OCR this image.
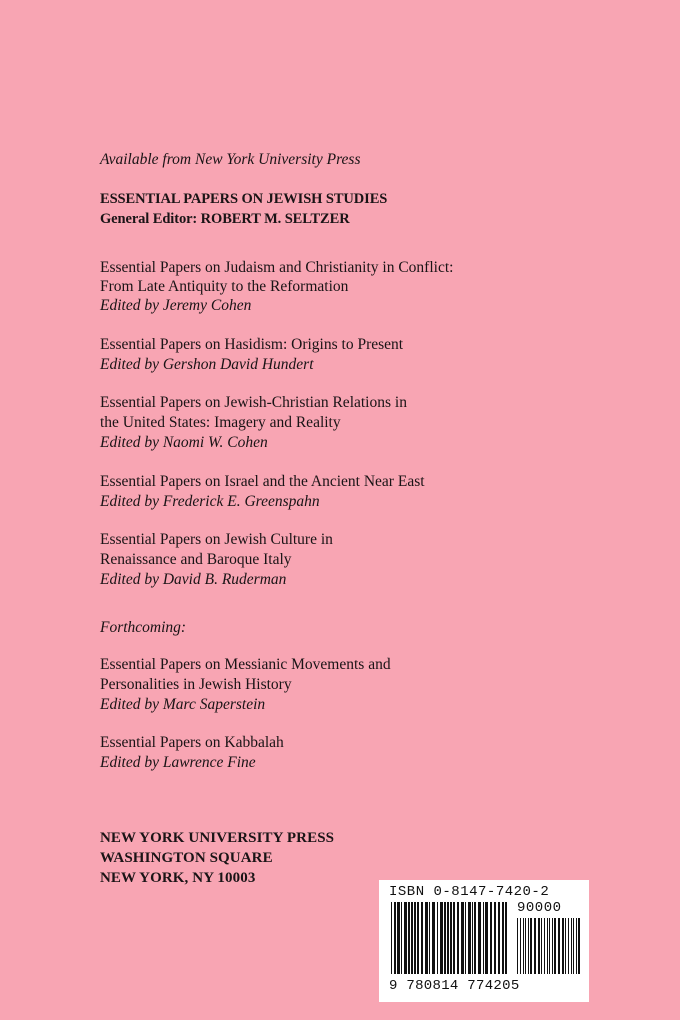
Available from New York University Press
ESSENTIAL PAPERS ON JEWISH STUDIES
General Editor: ROBERT M. SELTZER
Essential Papers on Judaism and Christianity in Conflict:
From Late Antiquity to the Reformation
Edited by Jeremy Cohen
Essential Papers on Hasidism: Origins to Present
Edited by Gershon David Hundert
Essential Papers on Jewish-Christian Relations in
the United States: Imagery and Reality
Edited by Naomi W. Cohen
Essential Papers on Israel and the Ancient Near East
Edited by Frederick E. Greenspahn
Essential Papers on Jewish Culture in
Renaissance and Baroque Italy
Edited by David B. Ruderman
Forthcoming:
Essential Papers on Messianic Movements and
Personalities in Jewish History
Edited by Marc Saperstein
Essential Papers on Kabbalah
Edited by Lawrence Fine
NEW YORK UNIVERSITY PRESS
WASHINGTON SQUARE
NEW YORK, NY 10003
ISBN 0-8147-7420-2
90000
9 780814 774205
